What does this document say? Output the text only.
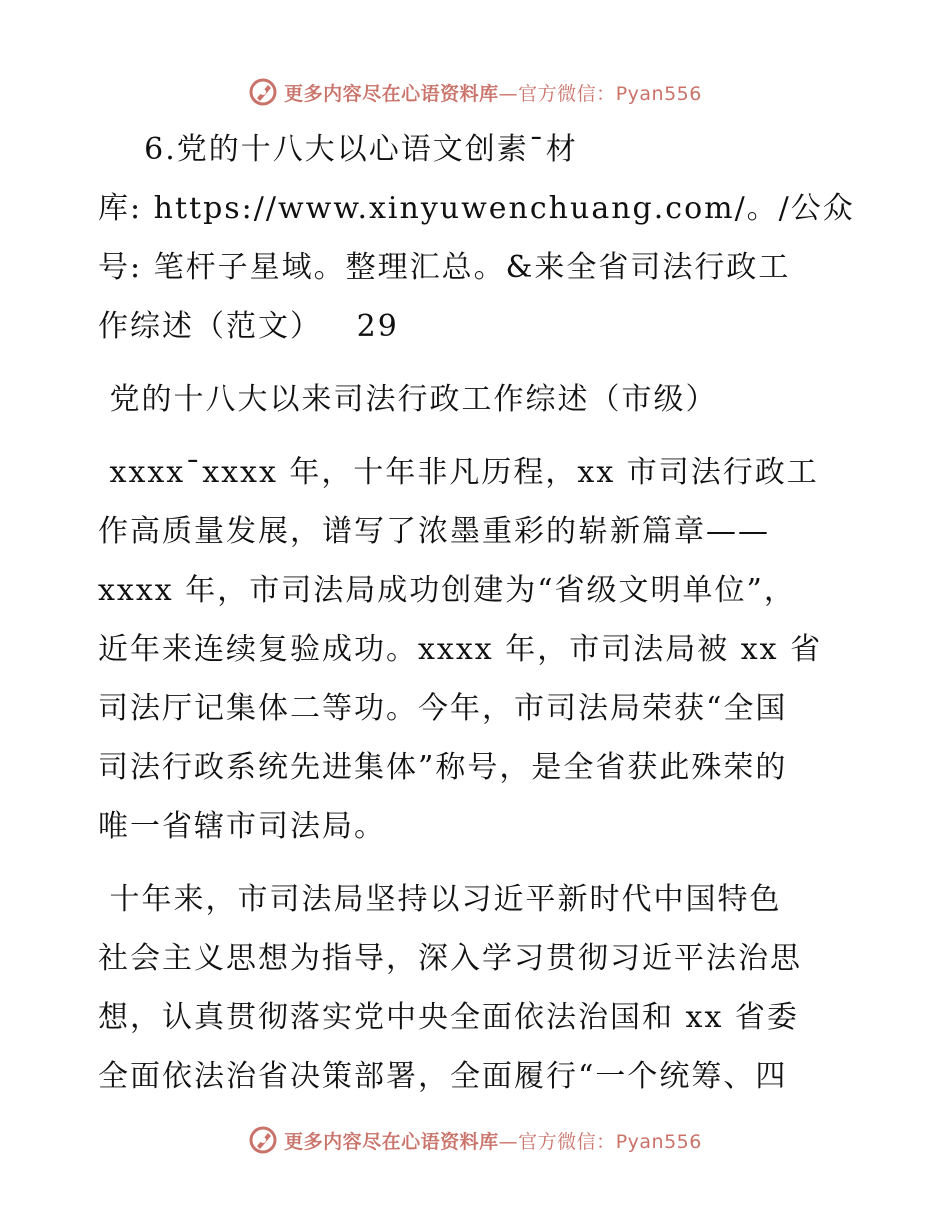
更多内容尽在心语资料库—官方微信：Pyan556

6.党的十八大以心语文创素¯材
库: https://www.xinyuwenchuang.com/。/公众
号: 笔杆子星域。整理汇总。&来全省司法行政工
作综述（范文）   29

党的十八大以来司法行政工作综述（市级）

xxxx¯xxxx 年，十年非凡历程，xx 市司法行政工
作高质量发展，谱写了浓墨重彩的崭新篇章——
xxxx 年，市司法局成功创建为“省级文明单位”，
近年来连续复验成功。xxxx 年，市司法局被 xx 省
司法厅记集体二等功。今年，市司法局荣获“全国
司法行政系统先进集体”称号，是全省获此殊荣的
唯一省辖市司法局。

十年来，市司法局坚持以习近平新时代中国特色
社会主义思想为指导，深入学习贯彻习近平法治思
想，认真贯彻落实党中央全面依法治国和 xx 省委
全面依法治省决策部署，全面履行“一个统筹、四

更多内容尽在心语资料库—官方微信：Pyan556
